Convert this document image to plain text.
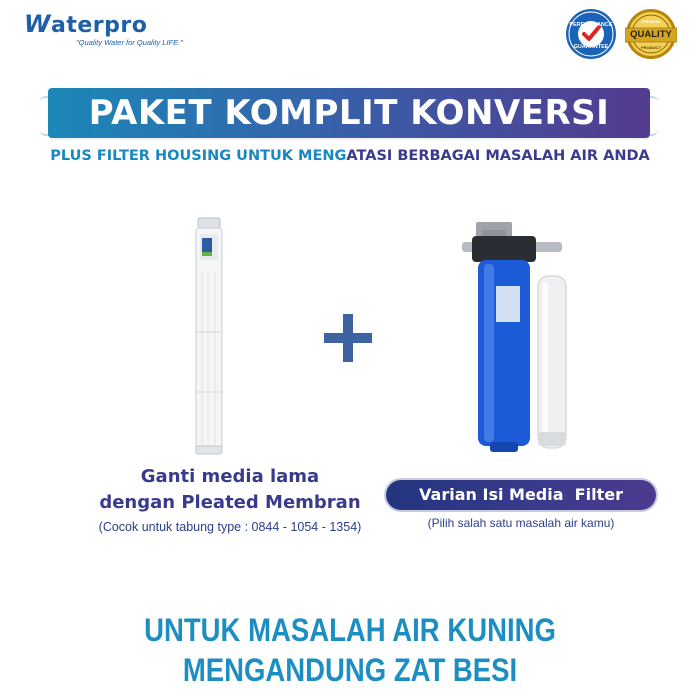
Waterpro
"Quality Water for Quality LIFE."
PERFORMANCE
GUARANTEE
PREMIUM
QUALITY
PRODUCT
PAKET KOMPLIT KONVERSI
PLUS FILTER HOUSING UNTUK MENGATASI BERBAGAI MASALAH AIR ANDA
Ganti media lama
dengan Pleated Membran
(Cocok untuk tabung type : 0844 - 1054 - 1354)
Varian Isi Media  Filter
(Pilih salah satu masalah air kamu)
UNTUK MASALAH AIR KUNING
MENGANDUNG ZAT BESI
